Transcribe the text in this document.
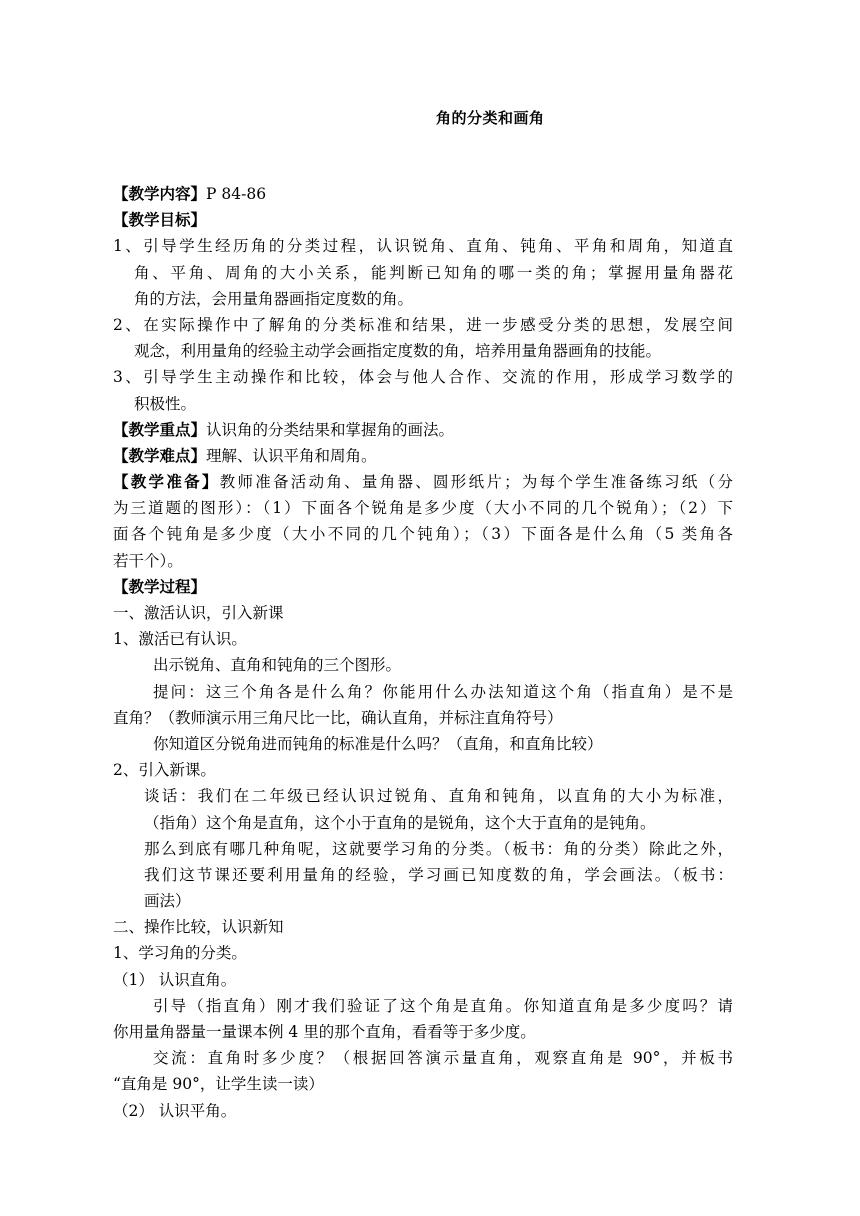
角的分类和画角
【教学内容】P 84-86
【教学目标】
1、引导学生经历角的分类过程，认识锐角、直角、钝角、平角和周角，知道直
角、平角、周角的大小关系，能判断已知角的哪一类的角；掌握用量角器花
角的方法，会用量角器画指定度数的角。
2、在实际操作中了解角的分类标准和结果，进一步感受分类的思想，发展空间
观念，利用量角的经验主动学会画指定度数的角，培养用量角器画角的技能。
3、引导学生主动操作和比较，体会与他人合作、交流的作用，形成学习数学的
积极性。
【教学重点】认识角的分类结果和掌握角的画法。
【教学难点】理解、认识平角和周角。
【教学准备】教师准备活动角、量角器、圆形纸片；为每个学生准备练习纸（分
为三道题的图形）：（1）下面各个锐角是多少度（大小不同的几个锐角）；（2）下
面各个钝角是多少度（大小不同的几个钝角）；（3）下面各是什么角（5 类角各
若干个）。
【教学过程】
一、激活认识，引入新课
1、激活已有认识。
出示锐角、直角和钝角的三个图形。
提问：这三个角各是什么角？你能用什么办法知道这个角（指直角）是不是
直角？（教师演示用三角尺比一比，确认直角，并标注直角符号）
你知道区分锐角进而钝角的标准是什么吗？（直角，和直角比较）
2、引入新课。
谈话：我们在二年级已经认识过锐角、直角和钝角，以直角的大小为标准，
（指角）这个角是直角，这个小于直角的是锐角，这个大于直角的是钝角。
那么到底有哪几种角呢，这就要学习角的分类。（板书：角的分类）除此之外，
我们这节课还要利用量角的经验，学习画已知度数的角，学会画法。（板书：
画法）
二、操作比较，认识新知
1、学习角的分类。
（1） 认识直角。
引导（指直角）刚才我们验证了这个角是直角。你知道直角是多少度吗？请
你用量角器量一量课本例 4 里的那个直角，看看等于多少度。
交流：直角时多少度？（根据回答演示量直角，观察直角是 90°，并板书
“直角是 90°，让学生读一读）
（2） 认识平角。
